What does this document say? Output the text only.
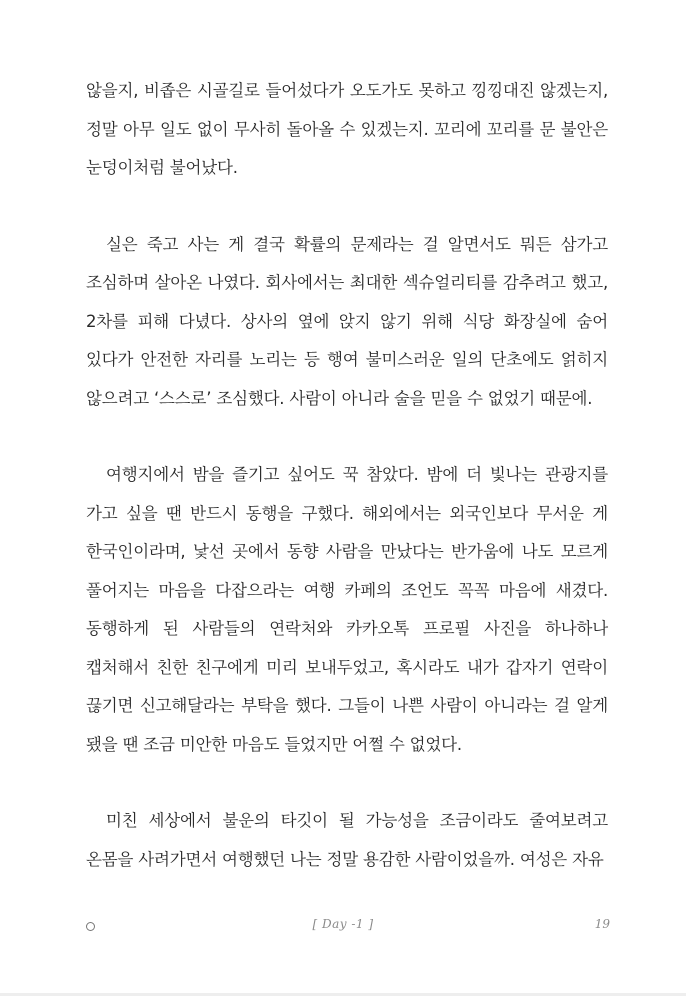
않을지, 비좁은 시골길로 들어섰다가 오도가도 못하고 낑낑대진 않겠는지, 정말 아무 일도 없이 무사히 돌아올 수 있겠는지. 꼬리에 꼬리를 문 불안은 눈덩이처럼 불어났다.

실은 죽고 사는 게 결국 확률의 문제라는 걸 알면서도 뭐든 삼가고 조심하며 살아온 나였다. 회사에서는 최대한 섹슈얼리티를 감추려고 했고, 2차를 피해 다녔다. 상사의 옆에 앉지 않기 위해 식당 화장실에 숨어 있다가 안전한 자리를 노리는 등 행여 불미스러운 일의 단초에도 얽히지 않으려고 ‘스스로’ 조심했다. 사람이 아니라 술을 믿을 수 없었기 때문에.

여행지에서 밤을 즐기고 싶어도 꾹 참았다. 밤에 더 빛나는 관광지를 가고 싶을 땐 반드시 동행을 구했다. 해외에서는 외국인보다 무서운 게 한국인이라며, 낯선 곳에서 동향 사람을 만났다는 반가움에 나도 모르게 풀어지는 마음을 다잡으라는 여행 카페의 조언도 꼭꼭 마음에 새겼다. 동행하게 된 사람들의 연락처와 카카오톡 프로필 사진을 하나하나 캡처해서 친한 친구에게 미리 보내두었고, 혹시라도 내가 갑자기 연락이 끊기면 신고해달라는 부탁을 했다. 그들이 나쁜 사람이 아니라는 걸 알게 됐을 땐 조금 미안한 마음도 들었지만 어쩔 수 없었다.

미친 세상에서 불운의 타깃이 될 가능성을 조금이라도 줄여보려고 온몸을 사려가면서 여행했던 나는 정말 용감한 사람이었을까. 여성은 자유

[ Day -1 ]	19
